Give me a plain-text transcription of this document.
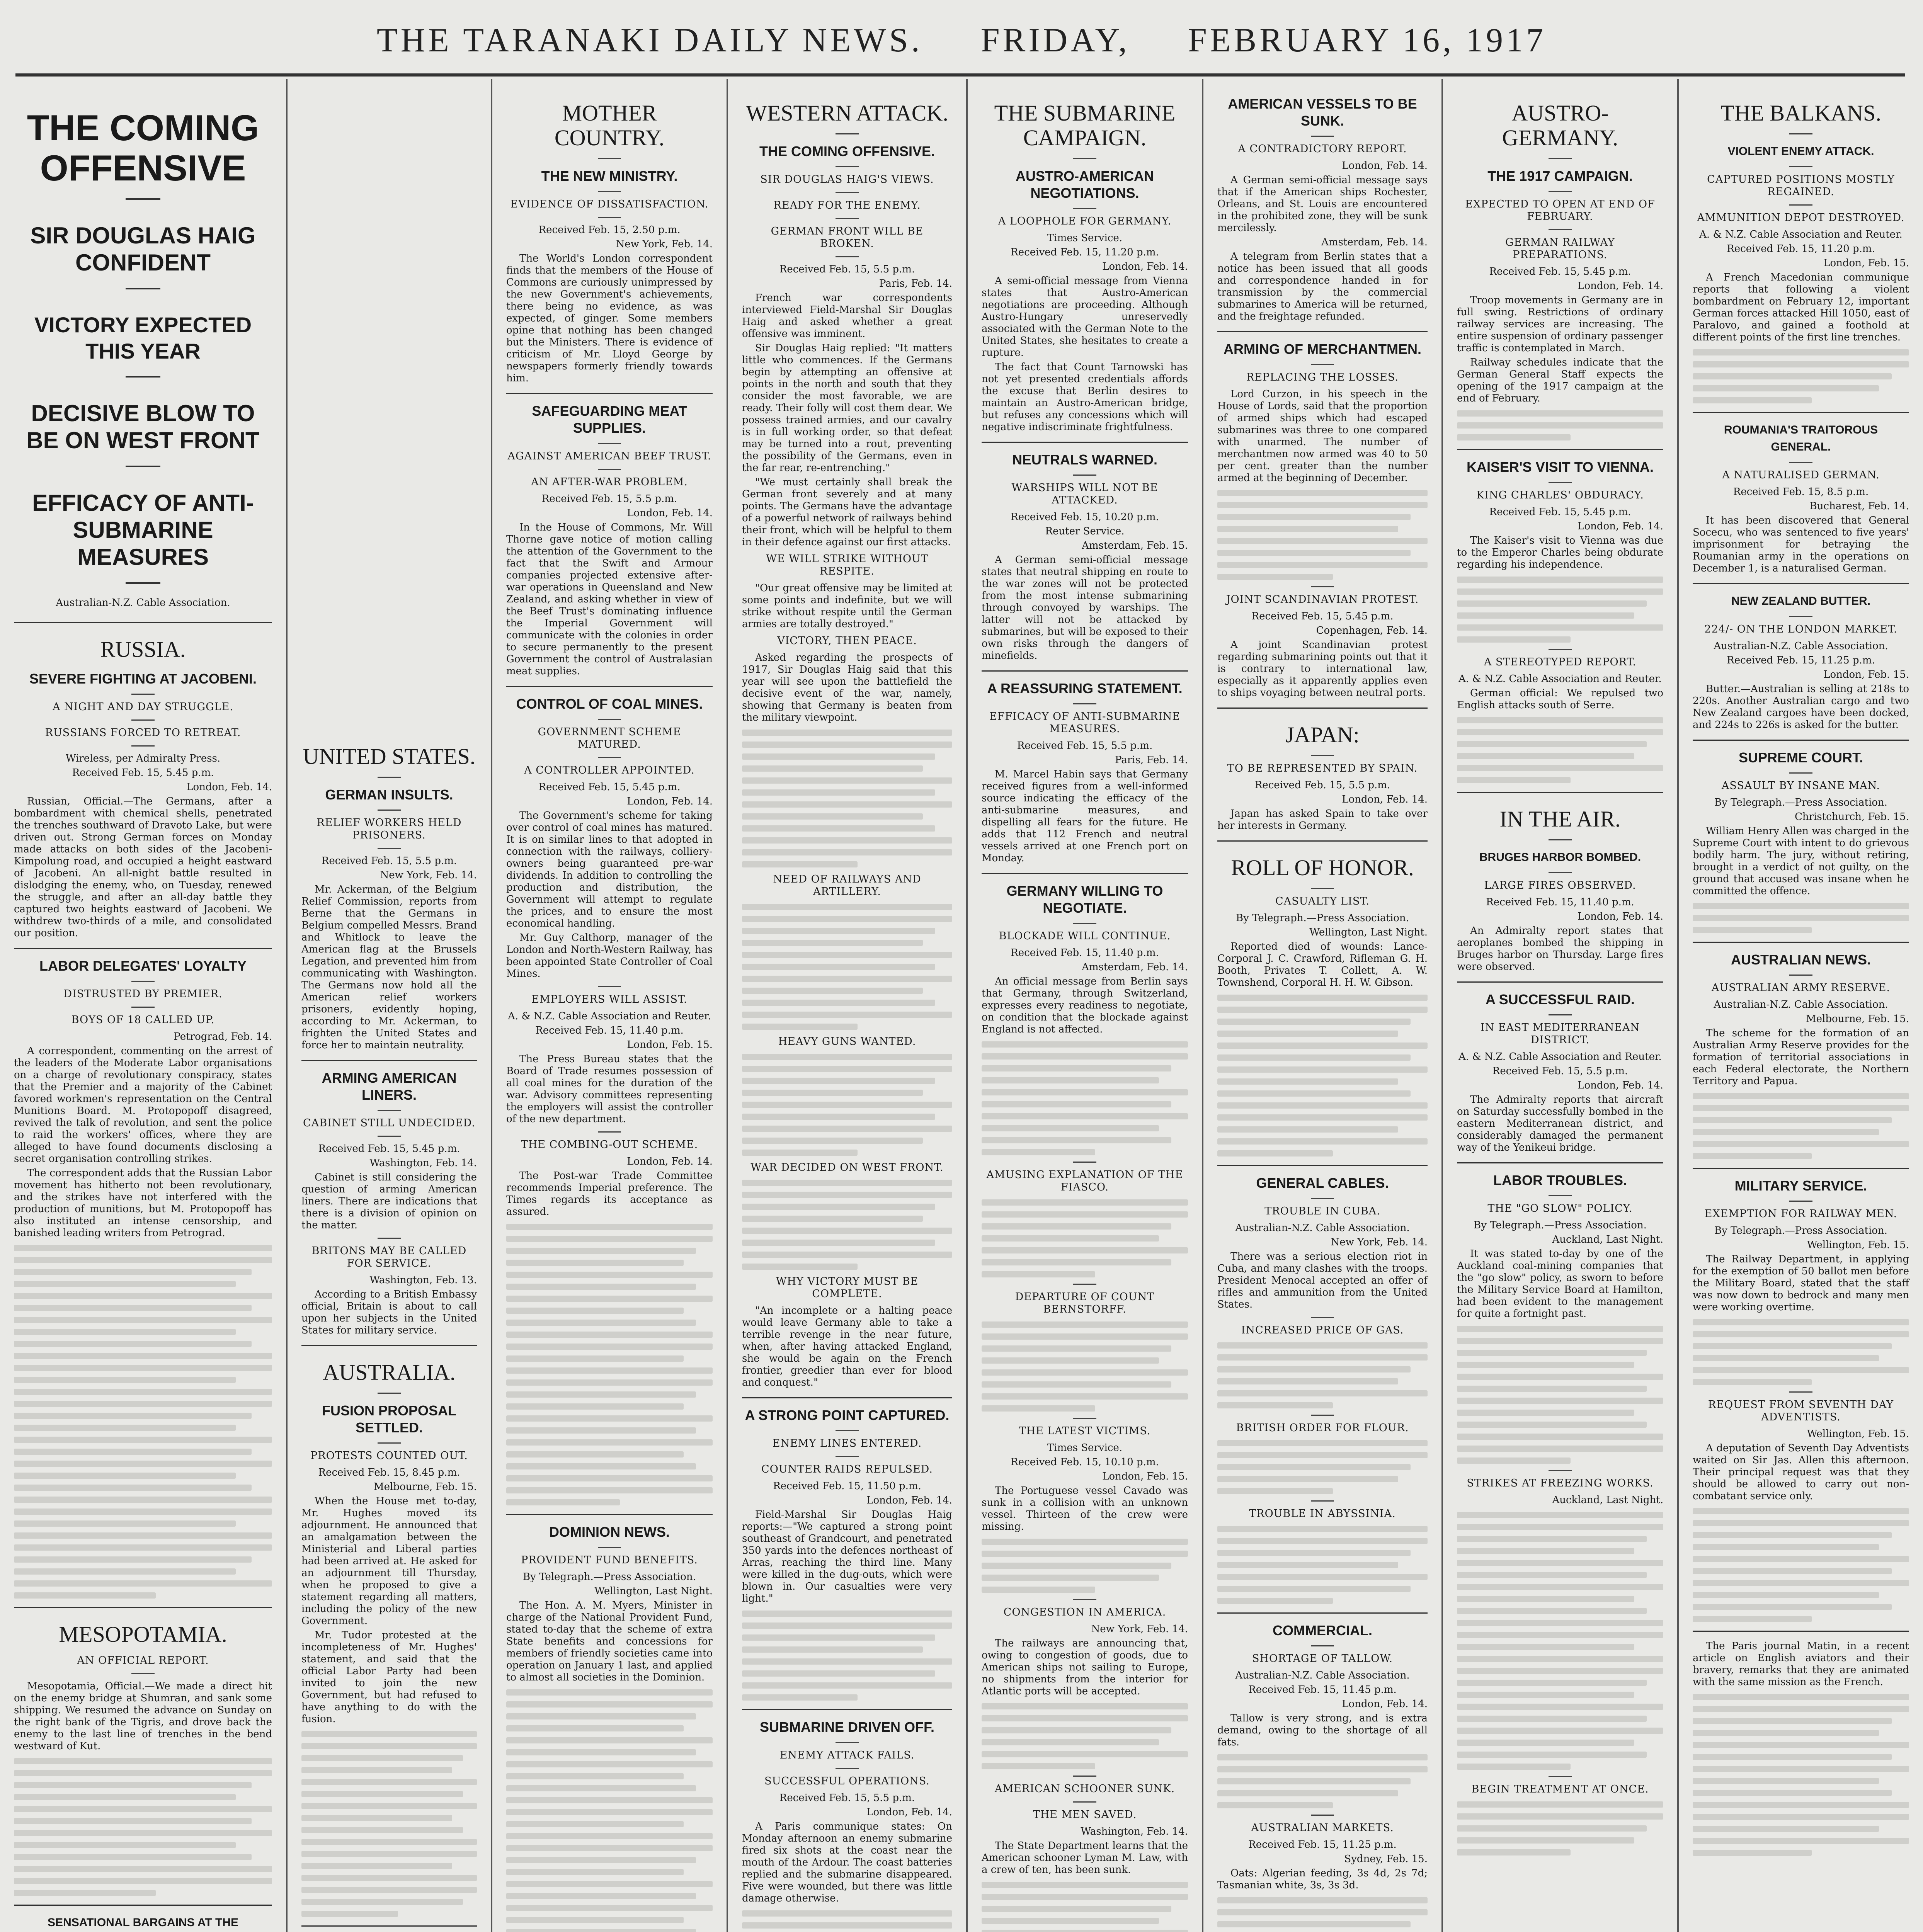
THE TARANAKI DAILY NEWS. FRIDAY, FEBRUARY 16, 1917
THE COMING OFFENSIVE
SIR DOUGLAS HAIG CONFIDENT
VICTORY EXPECTED THIS YEAR
DECISIVE BLOW TO BE ON WEST FRONT
EFFICACY OF ANTI-SUBMARINE MEASURES
Australian-N.Z. Cable Association.
RUSSIA.
SEVERE FIGHTING AT JACOBENI.
A NIGHT AND DAY STRUGGLE.
RUSSIANS FORCED TO RETREAT.
Wireless, per Admiralty Press.
Received Feb. 15, 5.45 p.m.
London, Feb. 14.

Russian, Official.—The Germans, after a bombardment with chemical shells, penetrated the trenches southward of Dravoto Lake, but were driven out. Strong German forces on Monday made attacks on both sides of the Jacobeni-Kimpolung road, and occupied a height eastward of Jacobeni. An all-night battle resulted in dislodging the enemy, who, on Tuesday, renewed the struggle, and after an all-day battle they captured two heights eastward of Jacobeni. We withdrew two-thirds of a mile, and consolidated our position.

LABOR DELEGATES' LOYALTY
DISTRUSTED BY PREMIER.
BOYS OF 18 CALLED UP.
Petrograd, Feb. 14.

A correspondent, commenting on the arrest of the leaders of the Moderate Labor organisations on a charge of revolutionary conspiracy, states that the Premier and a majority of the Cabinet favored workmen's representation on the Central Munitions Board. M. Protopopoff disagreed, revived the talk of revolution, and sent the police to raid the workers' offices, where they are alleged to have found documents disclosing a secret organisation controlling strikes.

The correspondent adds that the Russian Labor movement has hitherto not been revolutionary, and the strikes have not interfered with the production of munitions, but M. Protopopoff has also instituted an intense censorship, and banished leading writers from Petrograd.

MESOPOTAMIA.
AN OFFICIAL REPORT.

Mesopotamia, Official.—We made a direct hit on the enemy bridge at Shumran, and sank some shipping. We resumed the advance on Sunday on the right bank of the Tigris, and drove back the enemy to the last line of trenches in the bend westward of Kut.

SENSATIONAL BARGAINS AT THE

UNITED STATES.
GERMAN INSULTS.
RELIEF WORKERS HELD PRISONERS.
Received Feb. 15, 5.5 p.m.
New York, Feb. 14.

Mr. Ackerman, of the Belgium Relief Commission, reports from Berne that the Germans in Belgium compelled Messrs. Brand and Whitlock to leave the American flag at the Brussels Legation, and prevented him from communicating with Washington. The Germans now hold all the American relief workers prisoners, evidently hoping, according to Mr. Ackerman, to frighten the United States and force her to maintain neutrality.

ARMING AMERICAN LINERS.
CABINET STILL UNDECIDED.
Received Feb. 15, 5.45 p.m.
Washington, Feb. 14.

Cabinet is still considering the question of arming American liners. There are indications that there is a division of opinion on the matter.

BRITONS MAY BE CALLED FOR SERVICE.
Washington, Feb. 13.

According to a British Embassy official, Britain is about to call upon her subjects in the United States for military service.

AUSTRALIA.
FUSION PROPOSAL SETTLED.
PROTESTS COUNTED OUT.
Received Feb. 15, 8.45 p.m.
Melbourne, Feb. 15.

When the House met to-day, Mr. Hughes moved its adjournment. He announced that an amalgamation between the Ministerial and Liberal parties had been arrived at. He asked for an adjournment till Thursday, when he proposed to give a statement regarding all matters, including the policy of the new Government.

Mr. Tudor protested at the incompleteness of Mr. Hughes' statement, and said that the official Labor Party had been invited to join the new Government, but had refused to have anything to do with the fusion.

MOTHER COUNTRY.
THE NEW MINISTRY.
EVIDENCE OF DISSATISFACTION.
Received Feb. 15, 2.50 p.m.
New York, Feb. 14.

The World's London correspondent finds that the members of the House of Commons are curiously unimpressed by the new Government's achievements, there being no evidence, as was expected, of ginger. Some members opine that nothing has been changed but the Ministers. There is evidence of criticism of Mr. Lloyd George by newspapers formerly friendly towards him.

SAFEGUARDING MEAT SUPPLIES.
AGAINST AMERICAN BEEF TRUST.
AN AFTER-WAR PROBLEM.
Received Feb. 15, 5.5 p.m.
London, Feb. 14.

In the House of Commons, Mr. Will Thorne gave notice of motion calling the attention of the Government to the fact that the Swift and Armour companies projected extensive after-war operations in Queensland and New Zealand, and asking whether in view of the Beef Trust's dominating influence the Imperial Government will communicate with the colonies in order to secure permanently to the present Government the control of Australasian meat supplies.

CONTROL OF COAL MINES.
GOVERNMENT SCHEME MATURED.
A CONTROLLER APPOINTED.
Received Feb. 15, 5.45 p.m.
London, Feb. 14.

The Government's scheme for taking over control of coal mines has matured. It is on similar lines to that adopted in connection with the railways, colliery-owners being guaranteed pre-war dividends. In addition to controlling the production and distribution, the Government will attempt to regulate the prices, and to ensure the most economical handling.

Mr. Guy Calthorp, manager of the London and North-Western Railway, has been appointed State Controller of Coal Mines.

EMPLOYERS WILL ASSIST.
A. & N.Z. Cable Association and Reuter.
Received Feb. 15, 11.40 p.m.
London, Feb. 15.

The Press Bureau states that the Board of Trade resumes possession of all coal mines for the duration of the war. Advisory committees representing the employers will assist the controller of the new department.

THE COMBING-OUT SCHEME.
London, Feb. 14.

The Post-war Trade Committee recommends Imperial preference. The Times regards its acceptance as assured.

DOMINION NEWS.
PROVIDENT FUND BENEFITS.
By Telegraph.—Press Association.
Wellington, Last Night.

The Hon. A. M. Myers, Minister in charge of the National Provident Fund, stated to-day that the scheme of extra State benefits and concessions for members of friendly societies came into operation on January 1 last, and applied to almost all societies in the Dominion.

WESTERN ATTACK.
THE COMING OFFENSIVE.
SIR DOUGLAS HAIG'S VIEWS.
READY FOR THE ENEMY.
GERMAN FRONT WILL BE BROKEN.
Received Feb. 15, 5.5 p.m.
Paris, Feb. 14.

French war correspondents interviewed Field-Marshal Sir Douglas Haig and asked whether a great offensive was imminent.

Sir Douglas Haig replied: "It matters little who commences. If the Germans begin by attempting an offensive at points in the north and south that they consider the most favorable, we are ready. Their folly will cost them dear. We possess trained armies, and our cavalry is in full working order, so that defeat may be turned into a rout, preventing the possibility of the Germans, even in the far rear, re-entrenching."

"We must certainly shall break the German front severely and at many points. The Germans have the advantage of a powerful network of railways behind their front, which will be helpful to them in their defence against our first attacks.

WE WILL STRIKE WITHOUT RESPITE.

"Our great offensive may be limited at some points and indefinite, but we will strike without respite until the German armies are totally destroyed."

VICTORY, THEN PEACE.

Asked regarding the prospects of 1917, Sir Douglas Haig said that this year will see upon the battlefield the decisive event of the war, namely, showing that Germany is beaten from the military viewpoint.

NEED OF RAILWAYS AND ARTILLERY.
HEAVY GUNS WANTED.
WAR DECIDED ON WEST FRONT.
WHY VICTORY MUST BE COMPLETE.

"An incomplete or a halting peace would leave Germany able to take a terrible revenge in the near future, when, after having attacked England, she would be again on the French frontier, greedier than ever for blood and conquest."

A STRONG POINT CAPTURED.
ENEMY LINES ENTERED.
COUNTER RAIDS REPULSED.
Received Feb. 15, 11.50 p.m.
London, Feb. 14.

Field-Marshal Sir Douglas Haig reports:—"We captured a strong point southeast of Grandcourt, and penetrated 350 yards into the defences northeast of Arras, reaching the third line. Many were killed in the dug-outs, which were blown in. Our casualties were very light."

SUBMARINE DRIVEN OFF.
ENEMY ATTACK FAILS.
SUCCESSFUL OPERATIONS.
Received Feb. 15, 5.5 p.m.
London, Feb. 14.

A Paris communique states: On Monday afternoon an enemy submarine fired six shots at the coast near the mouth of the Ardour. The coast batteries replied and the submarine disappeared. Five were wounded, but there was little damage otherwise.

THE SUBMARINE CAMPAIGN.
AUSTRO-AMERICAN NEGOTIATIONS.
A LOOPHOLE FOR GERMANY.
Times Service.
Received Feb. 15, 11.20 p.m.
London, Feb. 14.

A semi-official message from Vienna states that Austro-American negotiations are proceeding. Although Austro-Hungary unreservedly associated with the German Note to the United States, she hesitates to create a rupture.

The fact that Count Tarnowski has not yet presented credentials affords the excuse that Berlin desires to maintain an Austro-American bridge, but refuses any concessions which will negative indiscriminate frightfulness.

NEUTRALS WARNED.
WARSHIPS WILL NOT BE ATTACKED.
Received Feb. 15, 10.20 p.m.
Reuter Service.
Amsterdam, Feb. 15.

A German semi-official message states that neutral shipping en route to the war zones will not be protected from the most intense submarining through convoyed by warships. The latter will not be attacked by submarines, but will be exposed to their own risks through the dangers of minefields.

A REASSURING STATEMENT.
EFFICACY OF ANTI-SUBMARINE MEASURES.
Received Feb. 15, 5.5 p.m.
Paris, Feb. 14.

M. Marcel Habin says that Germany received figures from a well-informed source indicating the efficacy of the anti-submarine measures, and dispelling all fears for the future. He adds that 112 French and neutral vessels arrived at one French port on Monday.

GERMANY WILLING TO NEGOTIATE.
BLOCKADE WILL CONTINUE.
Received Feb. 15, 11.40 p.m.
Amsterdam, Feb. 14.

An official message from Berlin says that Germany, through Switzerland, expresses every readiness to negotiate, on condition that the blockade against England is not affected.

AMUSING EXPLANATION OF THE FIASCO.
DEPARTURE OF COUNT BERNSTORFF.
THE LATEST VICTIMS.
Times Service.
Received Feb. 15, 10.10 p.m.
London, Feb. 15.

The Portuguese vessel Cavado was sunk in a collision with an unknown vessel. Thirteen of the crew were missing.

CONGESTION IN AMERICA.
New York, Feb. 14.

The railways are announcing that, owing to congestion of goods, due to American ships not sailing to Europe, no shipments from the interior for Atlantic ports will be accepted.

AMERICAN SCHOONER SUNK.
THE MEN SAVED.
Washington, Feb. 14.

The State Department learns that the American schooner Lyman M. Law, with a crew of ten, has been sunk.

AMERICAN VESSELS TO BE SUNK.
A CONTRADICTORY REPORT.
London, Feb. 14.

A German semi-official message says that if the American ships Rochester, Orleans, and St. Louis are encountered in the prohibited zone, they will be sunk mercilessly.

Amsterdam, Feb. 14.

A telegram from Berlin states that a notice has been issued that all goods and correspondence handed in for transmission by the commercial submarines to America will be returned, and the freightage refunded.

ARMING OF MERCHANTMEN.
REPLACING THE LOSSES.

Lord Curzon, in his speech in the House of Lords, said that the proportion of armed ships which had escaped submarines was three to one compared with unarmed. The number of merchantmen now armed was 40 to 50 per cent. greater than the number armed at the beginning of December.

JOINT SCANDINAVIAN PROTEST.
Received Feb. 15, 5.45 p.m.
Copenhagen, Feb. 14.

A joint Scandinavian protest regarding submarining points out that it is contrary to international law, especially as it apparently applies even to ships voyaging between neutral ports.

JAPAN:
TO BE REPRESENTED BY SPAIN.
Received Feb. 15, 5.5 p.m.
London, Feb. 14.

Japan has asked Spain to take over her interests in Germany.

ROLL OF HONOR.
CASUALTY LIST.
By Telegraph.—Press Association.
Wellington, Last Night.

Reported died of wounds: Lance-Corporal J. C. Crawford, Rifleman G. H. Booth, Privates T. Collett, A. W. Townshend, Corporal H. H. W. Gibson.

GENERAL CABLES.
TROUBLE IN CUBA.
Australian-N.Z. Cable Association.
New York, Feb. 14.

There was a serious election riot in Cuba, and many clashes with the troops. President Menocal accepted an offer of rifles and ammunition from the United States.

INCREASED PRICE OF GAS.
BRITISH ORDER FOR FLOUR.
TROUBLE IN ABYSSINIA.
COMMERCIAL.
SHORTAGE OF TALLOW.
Australian-N.Z. Cable Association.
Received Feb. 15, 11.45 p.m.
London, Feb. 14.

Tallow is very strong, and is extra demand, owing to the shortage of all fats.

AUSTRALIAN MARKETS.
Received Feb. 15, 11.25 p.m.
Sydney, Feb. 15.

Oats: Algerian feeding, 3s 4d, 2s 7d; Tasmanian white, 3s, 3s 3d.

AUSTRO-GERMANY.
THE 1917 CAMPAIGN.
EXPECTED TO OPEN AT END OF FEBRUARY.
GERMAN RAILWAY PREPARATIONS.
Received Feb. 15, 5.45 p.m.
London, Feb. 14.

Troop movements in Germany are in full swing. Restrictions of ordinary railway services are increasing. The entire suspension of ordinary passenger traffic is contemplated in March.

Railway schedules indicate that the German General Staff expects the opening of the 1917 campaign at the end of February.

KAISER'S VISIT TO VIENNA.
KING CHARLES' OBDURACY.
Received Feb. 15, 5.45 p.m.
London, Feb. 14.

The Kaiser's visit to Vienna was due to the Emperor Charles being obdurate regarding his independence.

A STEREOTYPED REPORT.
A. & N.Z. Cable Association and Reuter.

German official: We repulsed two English attacks south of Serre.

IN THE AIR.
BRUGES HARBOR BOMBED.
LARGE FIRES OBSERVED.
Received Feb. 15, 11.40 p.m.
London, Feb. 14.

An Admiralty report states that aeroplanes bombed the shipping in Bruges harbor on Thursday. Large fires were observed.

A SUCCESSFUL RAID.
IN EAST MEDITERRANEAN DISTRICT.
A. & N.Z. Cable Association and Reuter.
Received Feb. 15, 5.5 p.m.
London, Feb. 14.

The Admiralty reports that aircraft on Saturday successfully bombed in the eastern Mediterranean district, and considerably damaged the permanent way of the Yenikeui bridge.

LABOR TROUBLES.
THE "GO SLOW" POLICY.
By Telegraph.—Press Association.
Auckland, Last Night.

It was stated to-day by one of the Auckland coal-mining companies that the "go slow" policy, as sworn to before the Military Service Board at Hamilton, had been evident to the management for quite a fortnight past.

STRIKES AT FREEZING WORKS.
Auckland, Last Night.
BEGIN TREATMENT AT ONCE.
THE BALKANS.
VIOLENT ENEMY ATTACK.
CAPTURED POSITIONS MOSTLY REGAINED.
AMMUNITION DEPOT DESTROYED.
A. & N.Z. Cable Association and Reuter.
Received Feb. 15, 11.20 p.m.
London, Feb. 15.

A French Macedonian communique reports that following a violent bombardment on February 12, important German forces attacked Hill 1050, east of Paralovo, and gained a foothold at different points of the first line trenches.

ROUMANIA'S TRAITOROUS GENERAL.
A NATURALISED GERMAN.
Received Feb. 15, 8.5 p.m.
Bucharest, Feb. 14.

It has been discovered that General Socecu, who was sentenced to five years' imprisonment for betraying the Roumanian army in the operations on December 1, is a naturalised German.

NEW ZEALAND BUTTER.
224/- ON THE LONDON MARKET.
Australian-N.Z. Cable Association.
Received Feb. 15, 11.25 p.m.
London, Feb. 15.

Butter.—Australian is selling at 218s to 220s. Another Australian cargo and two New Zealand cargoes have been docked, and 224s to 226s is asked for the butter.

SUPREME COURT.
ASSAULT BY INSANE MAN.
By Telegraph.—Press Association.
Christchurch, Feb. 15.

William Henry Allen was charged in the Supreme Court with intent to do grievous bodily harm. The jury, without retiring, brought in a verdict of not guilty, on the ground that accused was insane when he committed the offence.

AUSTRALIAN NEWS.
AUSTRALIAN ARMY RESERVE.
Australian-N.Z. Cable Association.
Melbourne, Feb. 15.

The scheme for the formation of an Australian Army Reserve provides for the formation of territorial associations in each Federal electorate, the Northern Territory and Papua.

MILITARY SERVICE.
EXEMPTION FOR RAILWAY MEN.
By Telegraph.—Press Association.
Wellington, Feb. 15.

The Railway Department, in applying for the exemption of 50 ballot men before the Military Board, stated that the staff was now down to bedrock and many men were working overtime.

REQUEST FROM SEVENTH DAY ADVENTISTS.
Wellington, Feb. 15.

A deputation of Seventh Day Adventists waited on Sir Jas. Allen this afternoon. Their principal request was that they should be allowed to carry out non-combatant service only.

The Paris journal Matin, in a recent article on English aviators and their bravery, remarks that they are animated with the same mission as the French.
